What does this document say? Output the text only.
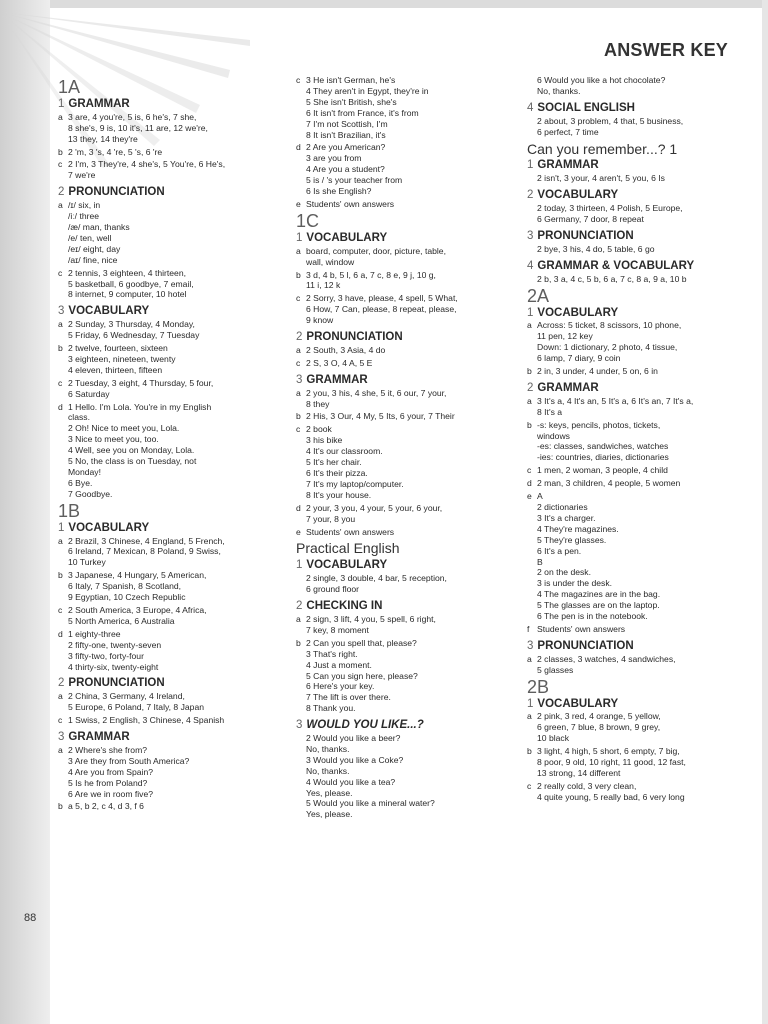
ANSWER KEY
88
1A
1 GRAMMAR
a 3 are, 4 you're, 5 is, 6 he's, 7 she,
8 she's, 9 is, 10 it's, 11 are, 12 we're,
13 they, 14 they're
b 2 'm, 3 's, 4 're, 5 's, 6 're
c 2 I'm, 3 They're, 4 she's, 5 You're, 6 He's,
7 we're
2 PRONUNCIATION
a /ɪ/ six, in
/iː/ three
/æ/ man, thanks
/e/ ten, well
/eɪ/ eight, day
/aɪ/ fine, nice
c 2 tennis, 3 eighteen, 4 thirteen,
5 basketball, 6 goodbye, 7 email,
8 internet, 9 computer, 10 hotel
3 VOCABULARY
a 2 Sunday, 3 Thursday, 4 Monday,
5 Friday, 6 Wednesday, 7 Tuesday
b 2 twelve, fourteen, sixteen
3 eighteen, nineteen, twenty
4 eleven, thirteen, fifteen
c 2 Tuesday, 3 eight, 4 Thursday, 5 four,
6 Saturday
d 1 Hello. I'm Lola. You're in my English
class.
2 Oh! Nice to meet you, Lola.
3 Nice to meet you, too.
4 Well, see you on Monday, Lola.
5 No, the class is on Tuesday, not
Monday!
6 Bye.
7 Goodbye.
1B
1 VOCABULARY
a 2 Brazil, 3 Chinese, 4 England, 5 French,
6 Ireland, 7 Mexican, 8 Poland, 9 Swiss,
10 Turkey
b 3 Japanese, 4 Hungary, 5 American,
6 Italy, 7 Spanish, 8 Scotland,
9 Egyptian, 10 Czech Republic
c 2 South America, 3 Europe, 4 Africa,
5 North America, 6 Australia
d 1 eighty-three
2 fifty-one, twenty-seven
3 fifty-two, forty-four
4 thirty-six, twenty-eight
2 PRONUNCIATION
a 2 China, 3 Germany, 4 Ireland,
5 Europe, 6 Poland, 7 Italy, 8 Japan
c 1 Swiss, 2 English, 3 Chinese, 4 Spanish
3 GRAMMAR
a 2 Where's she from?
3 Are they from South America?
4 Are you from Spain?
5 Is he from Poland?
6 Are we in room five?
b a 5, b 2, c 4, d 3, f 6
c 3 He isn't German, he's
4 They aren't in Egypt, they're in
5 She isn't British, she's
6 It isn't from France, it's from
7 I'm not Scottish, I'm
8 It isn't Brazilian, it's
d 2 Are you American?
3 are you from
4 Are you a student?
5 is / 's your teacher from
6 Is she English?
e Students' own answers
1C
1 VOCABULARY
a board, computer, door, picture, table,
wall, window
b 3 d, 4 b, 5 l, 6 a, 7 c, 8 e, 9 j, 10 g,
11 i, 12 k
c 2 Sorry, 3 have, please, 4 spell, 5 What,
6 How, 7 Can, please, 8 repeat, please,
9 know
2 PRONUNCIATION
a 2 South, 3 Asia, 4 do
c 2 S, 3 O, 4 A, 5 E
3 GRAMMAR
a 2 you, 3 his, 4 she, 5 it, 6 our, 7 your,
8 they
b 2 His, 3 Our, 4 My, 5 Its, 6 your, 7 Their
c 2 book
3 his bike
4 It's our classroom.
5 It's her chair.
6 It's their pizza.
7 It's my laptop/computer.
8 It's your house.
d 2 your, 3 you, 4 your, 5 your, 6 your,
7 your, 8 you
e Students' own answers
Practical English
1 VOCABULARY
2 single, 3 double, 4 bar, 5 reception,
6 ground floor
2 CHECKING IN
a 2 sign, 3 lift, 4 you, 5 spell, 6 right,
7 key, 8 moment
b 2 Can you spell that, please?
3 That's right.
4 Just a moment.
5 Can you sign here, please?
6 Here's your key.
7 The lift is over there.
8 Thank you.
3 WOULD YOU LIKE...?
2 Would you like a beer?
No, thanks.
3 Would you like a Coke?
No, thanks.
4 Would you like a tea?
Yes, please.
5 Would you like a mineral water?
Yes, please.
6 Would you like a hot chocolate?
No, thanks.
4 SOCIAL ENGLISH
2 about, 3 problem, 4 that, 5 business,
6 perfect, 7 time
Can you remember...? 1
1 GRAMMAR
2 isn't, 3 your, 4 aren't, 5 you, 6 Is
2 VOCABULARY
2 today, 3 thirteen, 4 Polish, 5 Europe,
6 Germany, 7 door, 8 repeat
3 PRONUNCIATION
2 bye, 3 his, 4 do, 5 table, 6 go
4 GRAMMAR & VOCABULARY
2 b, 3 a, 4 c, 5 b, 6 a, 7 c, 8 a, 9 a, 10 b
2A
1 VOCABULARY
a Across: 5 ticket, 8 scissors, 10 phone,
11 pen, 12 key
Down: 1 dictionary, 2 photo, 4 tissue,
6 lamp, 7 diary, 9 coin
b 2 in, 3 under, 4 under, 5 on, 6 in
2 GRAMMAR
a 3 It's a, 4 It's an, 5 It's a, 6 It's an, 7 It's a,
8 It's a
b -s: keys, pencils, photos, tickets,
windows
-es: classes, sandwiches, watches
-ies: countries, diaries, dictionaries
c 1 men, 2 woman, 3 people, 4 child
d 2 man, 3 children, 4 people, 5 women
e A
2 dictionaries
3 It's a charger.
4 They're magazines.
5 They're glasses.
6 It's a pen.
B
2 on the desk.
3 is under the desk.
4 The magazines are in the bag.
5 The glasses are on the laptop.
6 The pen is in the notebook.
f Students' own answers
3 PRONUNCIATION
a 2 classes, 3 watches, 4 sandwiches,
5 glasses
2B
1 VOCABULARY
a 2 pink, 3 red, 4 orange, 5 yellow,
6 green, 7 blue, 8 brown, 9 grey,
10 black
b 3 light, 4 high, 5 short, 6 empty, 7 big,
8 poor, 9 old, 10 right, 11 good, 12 fast,
13 strong, 14 different
c 2 really cold, 3 very clean,
4 quite young, 5 really bad, 6 very long
